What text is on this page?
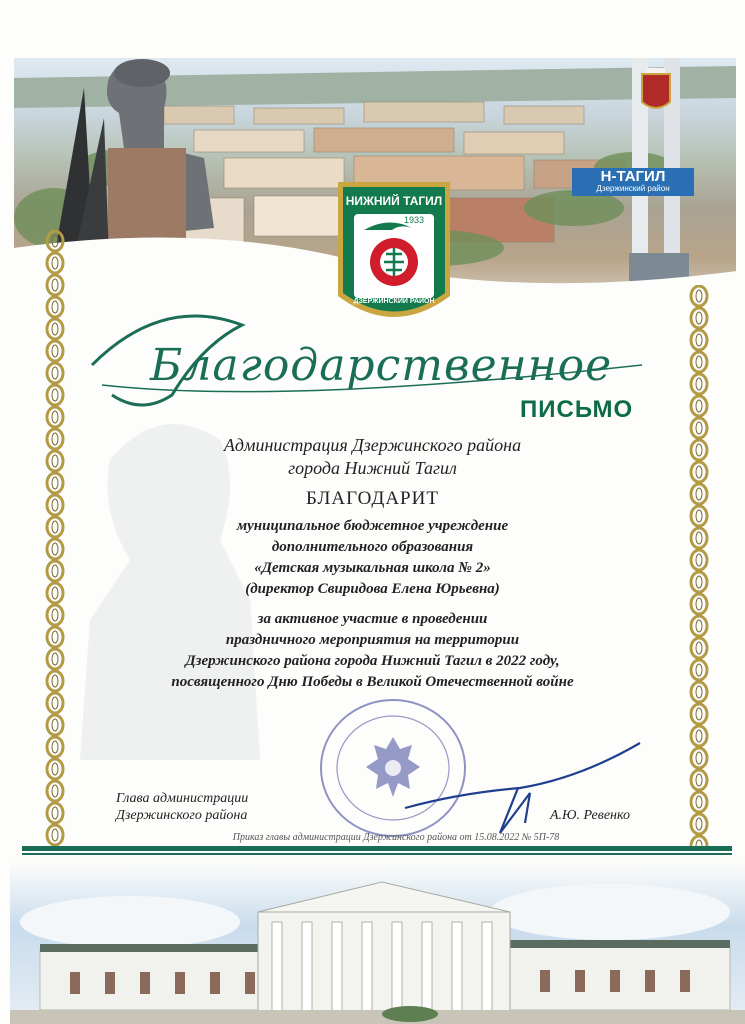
НИЖНИЙ ТАГИЛ
1933
ДЗЕРЖИНСКИЙ РАЙОН
Н-ТАГИЛ
Дзержинский район
Благодарственное
ПИСЬМО
Администрация Дзержинского района
города Нижний Тагил
БЛАГОДАРИТ
муниципальное бюджетное учреждение
дополнительного образования
«Детская музыкальная школа № 2»
(директор Свиридова Елена Юрьевна)
за активное участие в проведении
праздничного мероприятия на территории
Дзержинского района города Нижний Тагил в 2022 году,
посвященного Дню Победы в Великой Отечественной войне
Глава администрации
Дзержинского района	А.Ю. Ревенко
Приказ главы администрации Дзержинского района от 15.08.2022 № 5П-78
